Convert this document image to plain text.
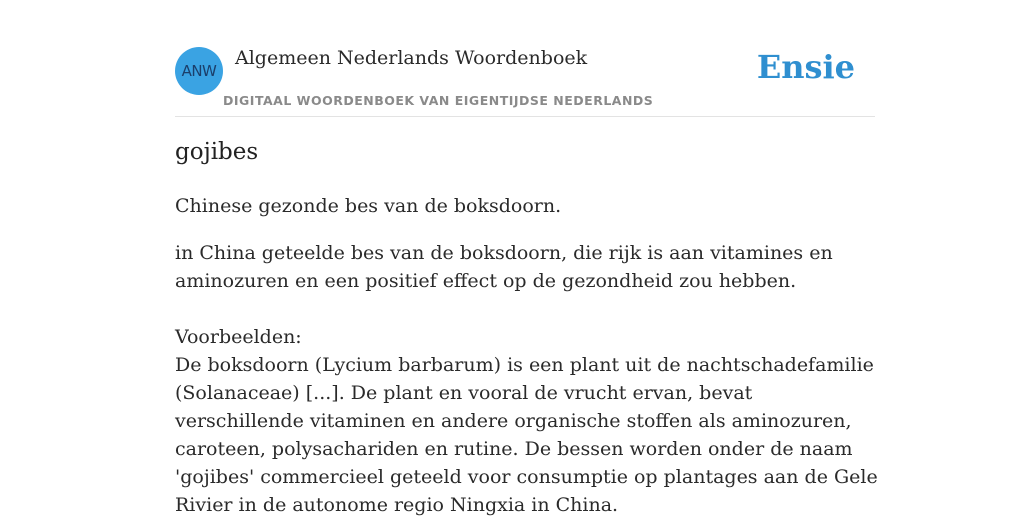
ANW
Algemeen Nederlands Woordenboek
DIGITAAL WOORDENBOEK VAN EIGENTIJDSE NEDERLANDS
Ensie
gojibes

Chinese gezonde bes van de boksdoorn.

in China geteelde bes van de boksdoorn, die rijk is aan vitamines en aminozuren en een positief effect op de gezondheid zou hebben.

Voorbeelden:

De boksdoorn (Lycium barbarum) is een plant uit de nachtschadefamilie (Solanaceae) [...]. De plant en vooral de vrucht ervan, bevat verschillende vitaminen en andere organische stoffen als aminozuren, caroteen, polysachariden en rutine. De bessen worden onder de naam 'gojibes' commercieel geteeld voor consumptie op plantages aan de Gele Rivier in de autonome regio Ningxia in China.
